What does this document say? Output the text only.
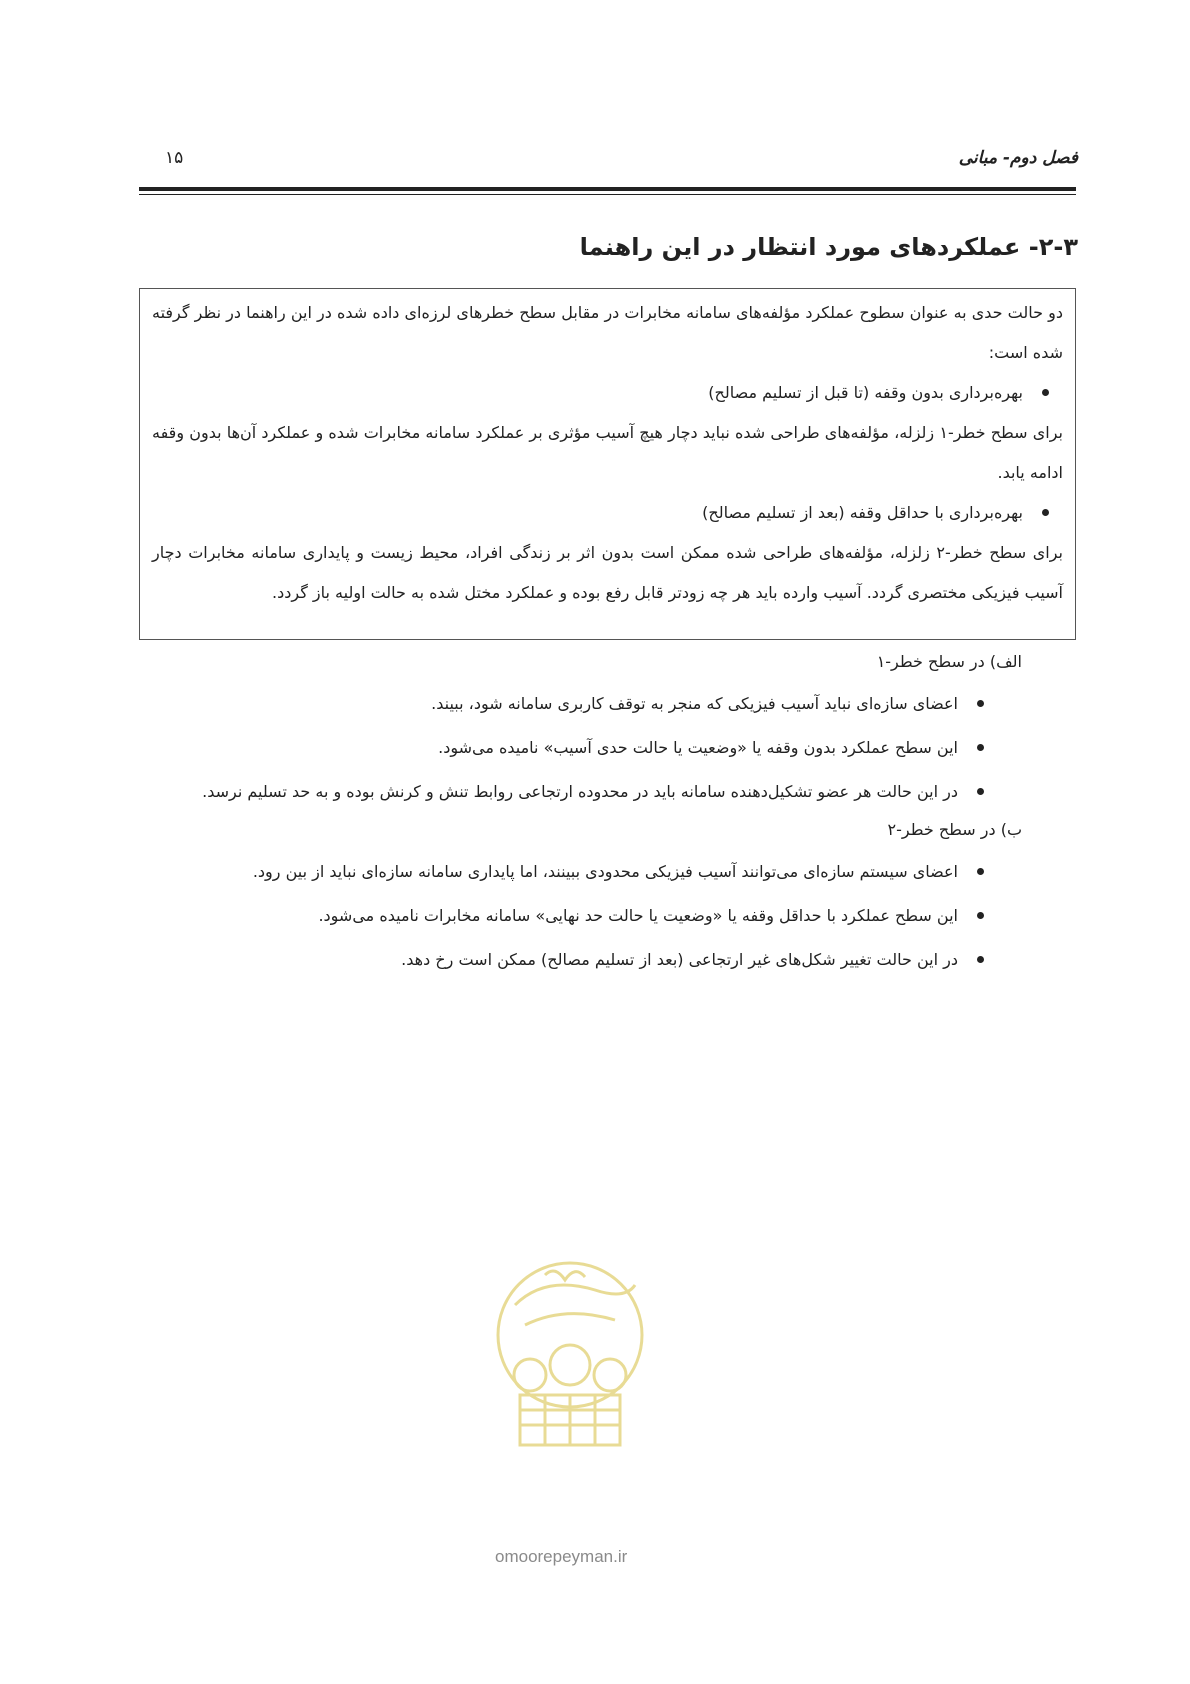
فصل دوم- مبانی
۱۵
۲-۳- عملکردهای مورد انتظار در این راهنما

دو حالت حدی به عنوان سطوح عملکرد مؤلفه‌های سامانه مخابرات در مقابل سطح خطرهای لرزه‌ای داده شده در این راهنما در نظر گرفته شده است:

بهره‌برداری بدون وقفه (تا قبل از تسلیم مصالح)

برای سطح خطر-۱ زلزله، مؤلفه‌های طراحی شده نباید دچار هیچ آسیب مؤثری بر عملکرد سامانه مخابرات شده و عملکرد آن‌ها بدون وقفه ادامه یابد.

بهره‌برداری با حداقل وقفه (بعد از تسلیم مصالح)

برای سطح خطر-۲ زلزله، مؤلفه‌های طراحی شده ممکن است بدون اثر بر زندگی افراد، محیط زیست و پایداری سامانه مخابرات دچار آسیب فیزیکی مختصری گردد. آسیب وارده باید هر چه زودتر قابل رفع بوده و عملکرد مختل شده به حالت اولیه باز گردد.

الف) در سطح خطر-۱

اعضای سازه‌ای نباید آسیب فیزیکی که منجر به توقف کاربری سامانه شود، ببیند.
این سطح عملکرد بدون وقفه یا «وضعیت یا حالت حدی آسیب» نامیده می‌شود.
در این حالت هر عضو تشکیل‌دهنده سامانه باید در محدوده ارتجاعی روابط تنش و کرنش بوده و به حد تسلیم نرسد.

ب) در سطح خطر-۲

اعضای سیستم سازه‌ای می‌توانند آسیب فیزیکی محدودی ببینند، اما پایداری سامانه سازه‌ای نباید از بین رود.
این سطح عملکرد با حداقل وقفه یا «وضعیت یا حالت حد نهایی» سامانه مخابرات نامیده می‌شود.
در این حالت تغییر شکل‌های غیر ارتجاعی (بعد از تسلیم مصالح) ممکن است رخ دهد.
omoorepeyman.ir
